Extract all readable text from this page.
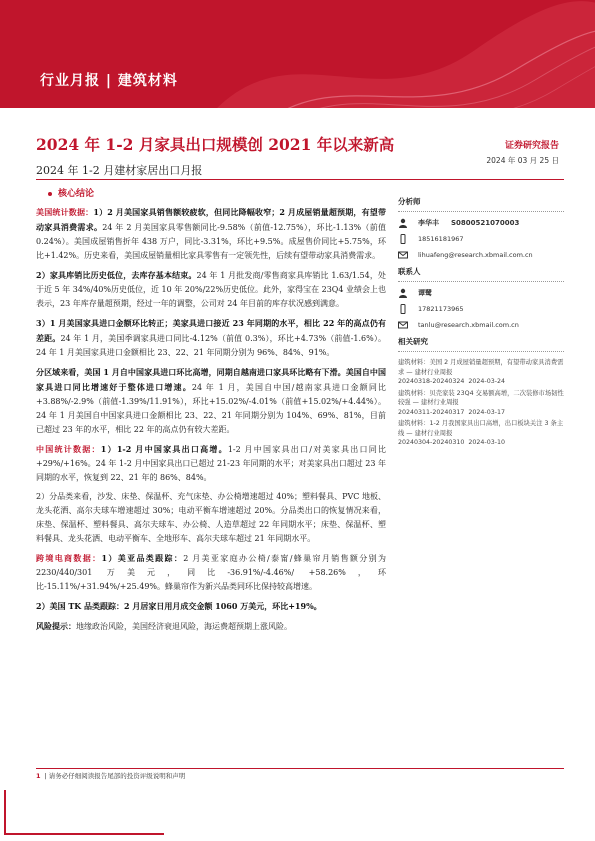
行业月报 | 建筑材料
2024 年 1-2 月家具出口规模创 2021 年以来新高
2024 年 1-2 月建材家居出口月报
证券研究报告
2024 年 03 月 25 日
核心结论

美国统计数据：1）2 月美国家具销售额较疲软，但同比降幅收窄；2 月成屋销量超预期，有望带动家具消费需求。24 年 2 月美国家具零售额同比-9.58%（前值-12.75%），环比-1.13%（前值 0.24%）。美国成屋销售折年 438 万户，同比-3.31%，环比+9.5%。成屋售价同比+5.75%，环比+1.42%。历史来看，美国成屋销量相比家具零售有一定领先性，后续有望带动家具消费需求。

2）家具库销比历史低位，去库存基本结束。24 年 1 月批发商/零售商家具库销比 1.63/1.54，处于近 5 年 34%/40%历史低位，近 10 年 20%/22%历史低位。此外，家得宝在 23Q4 业绩会上也表示，23 年库存量超预期，经过一年的调整，公司对 24 年目前的库存状况感到满意。

3）1 月美国家具进口金额环比转正；美家具进口接近 23 年同期的水平，相比 22 年的高点仍有差距。24 年 1 月，美国季调家具进口同比-4.12%（前值 0.3%），环比+4.73%（前值-1.6%）。24 年 1 月美国家具进口金额相比 23、22、21 年同期分别为 96%、84%、91%。

分区域来看，美国 1 月自中国家具进口环比高增，同期自越南进口家具环比略有下滑。美国自中国家具进口同比增速好于整体进口增速。24 年 1 月，美国自中国/越南家具进口金额同比+3.88%/-2.9%（前值-1.39%/11.91%），环比+15.02%/-4.01%（前值+15.02%/+4.44%）。24 年 1 月美国自中国家具进口金额相比 23、22、21 年同期分别为 104%、69%、81%，目前已超过 23 年的水平，相比 22 年的高点仍有较大差距。

中国统计数据：1）1-2 月中国家具出口高增。1-2 月中国家具出口/对美家具出口同比+29%/+16%。24 年 1-2 月中国家具出口已超过 21-23 年同期的水平；对美家具出口超过 23 年同期的水平，恢复到 22、21 年的 86%、84%。

2）分品类来看，沙发、床垫、保温杯、充气床垫、办公椅增速超过 40%；塑料餐具、PVC 地板、龙头花洒、高尔夫球车增速超过 30%；电动平衡车增速超过 20%。分品类出口的恢复情况来看，床垫、保温杯、塑料餐具、高尔夫球车、办公椅、人造草超过 22 年同期水平；床垫、保温杯、塑料餐具、龙头花洒、电动平衡车、全地形车、高尔夫球车超过 21 年同期水平。

跨境电商数据：1）美亚品类跟踪：2 月美亚家庭办公椅/泰甯/蜂巢帘月销售额分别为 2230/440/301 万美元，同比-36.91%/-4.46%/ +58.26%，环比-15.11%/+31.94%/+25.49%。蜂巢帘作为新兴品类同环比保持较高增速。

2）美国 TK 品类跟踪：2 月居家日用月成交金额 1060 万美元，环比+19%。

风险提示：地缘政治风险，美国经济衰退风险，海运费超预期上涨风险。

分析师
李华丰 S0800521070003
18516181967
lihuafeng@research.xbmail.com.cn
联系人
谭鹭
17821173965
tanlu@research.xbmail.com.cn
相关研究
建筑材料：美国 2 月成屋销量超预期，有望带动家具消费需求 — 建材行业周报
20240318-20240324 2024-03-24
建筑材料：贝壳家装 23Q4 交易额高增，二次装修市场韧性较强 — 建材行业周报
20240311-20240317 2024-03-17
建筑材料：1-2 月我国家具出口高增，出口板块关注 3 条主线 — 建材行业周报
20240304-20240310 2024-03-10
1 | 请务必仔细阅读报告尾部的投资评级说明和声明
